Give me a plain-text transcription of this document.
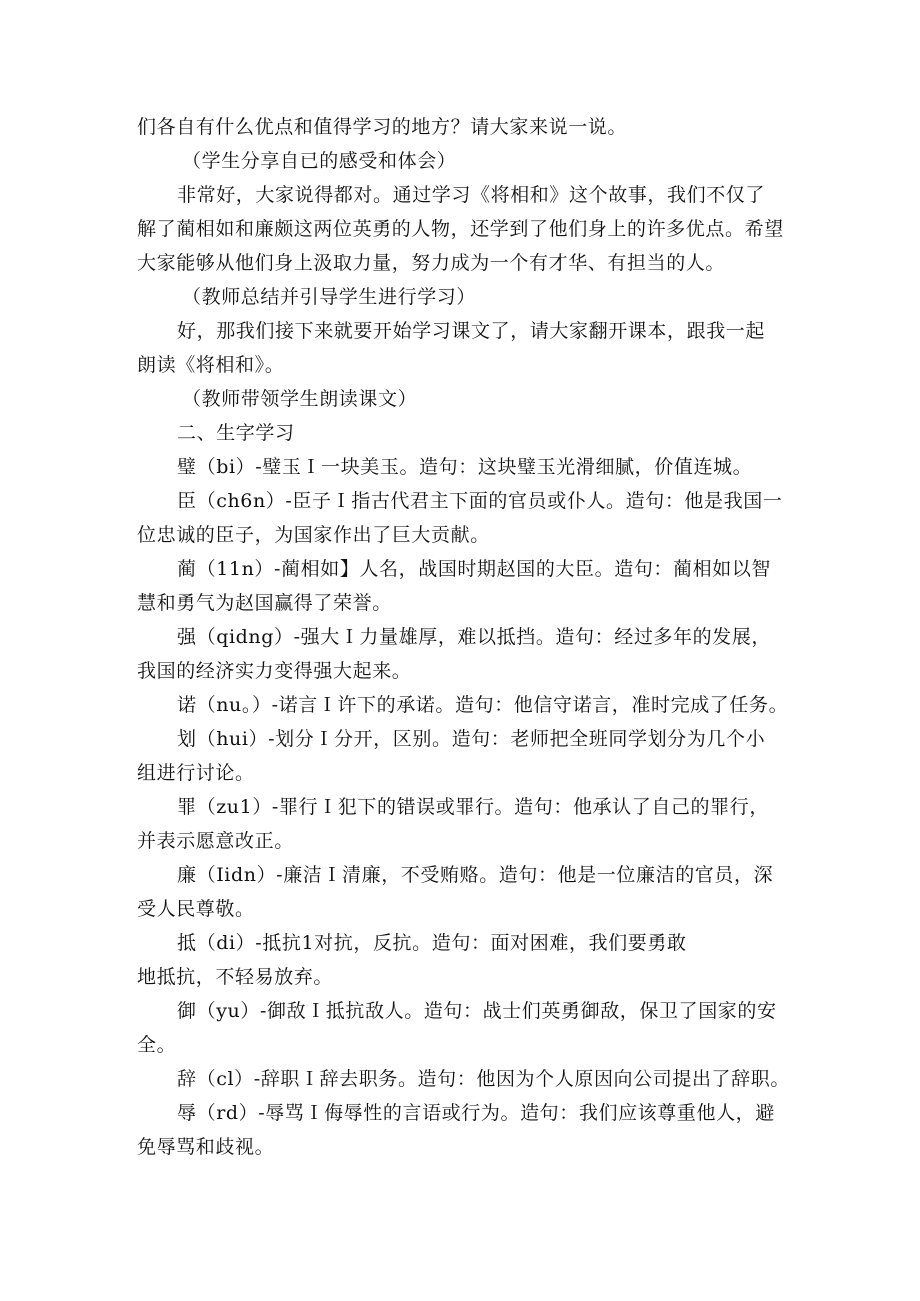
们各自有什么优点和值得学习的地方？请大家来说一说。

（学生分享自已的感受和体会）

非常好，大家说得都对。通过学习《将相和》这个故事，我们不仅了

解了蔺相如和廉颇这两位英勇的人物，还学到了他们身上的许多优点。希望

大家能够从他们身上汲取力量，努力成为一个有才华、有担当的人。

（教师总结并引导学生进行学习）

好，那我们接下来就要开始学习课文了，请大家翻开课本，跟我一起

朗读《将相和》。

（教师带领学生朗读课文）

二、生字学习

璧（bi）-璧玉Ｉ一块美玉。造句：这块璧玉光滑细腻，价值连城。

臣（ch6n）-臣子Ｉ指古代君主下面的官员或仆人。造句：他是我国一

位忠诚的臣子，为国家作出了巨大贡献。

蔺（11n）-蔺相如】人名，战国时期赵国的大臣。造句：蔺相如以智

慧和勇气为赵国赢得了荣誉。

强（qidng）-强大Ｉ力量雄厚，难以抵挡。造句：经过多年的发展，

我国的经济实力变得强大起来。

诺（nu。）-诺言Ｉ许下的承诺。造句：他信守诺言，准时完成了任务。

划（hui）-划分Ｉ分开，区别。造句：老师把全班同学划分为几个小

组进行讨论。

罪（zu1）-罪行Ｉ犯下的错误或罪行。造句：他承认了自己的罪行，

并表示愿意改正。

廉（Iidn）-廉洁Ｉ清廉，不受贿赂。造句：他是一位廉洁的官员，深

受人民尊敬。

抵（di）-抵抗1对抗，反抗。造句：面对困难，我们要勇敢

地抵抗，不轻易放弃。

御（yu）-御敌Ｉ抵抗敌人。造句：战士们英勇御敌，保卫了国家的安

全。

辞（cl）-辞职Ｉ辞去职务。造句：他因为个人原因向公司提出了辞职。

辱（rd）-辱骂Ｉ侮辱性的言语或行为。造句：我们应该尊重他人，避

免辱骂和歧视。
